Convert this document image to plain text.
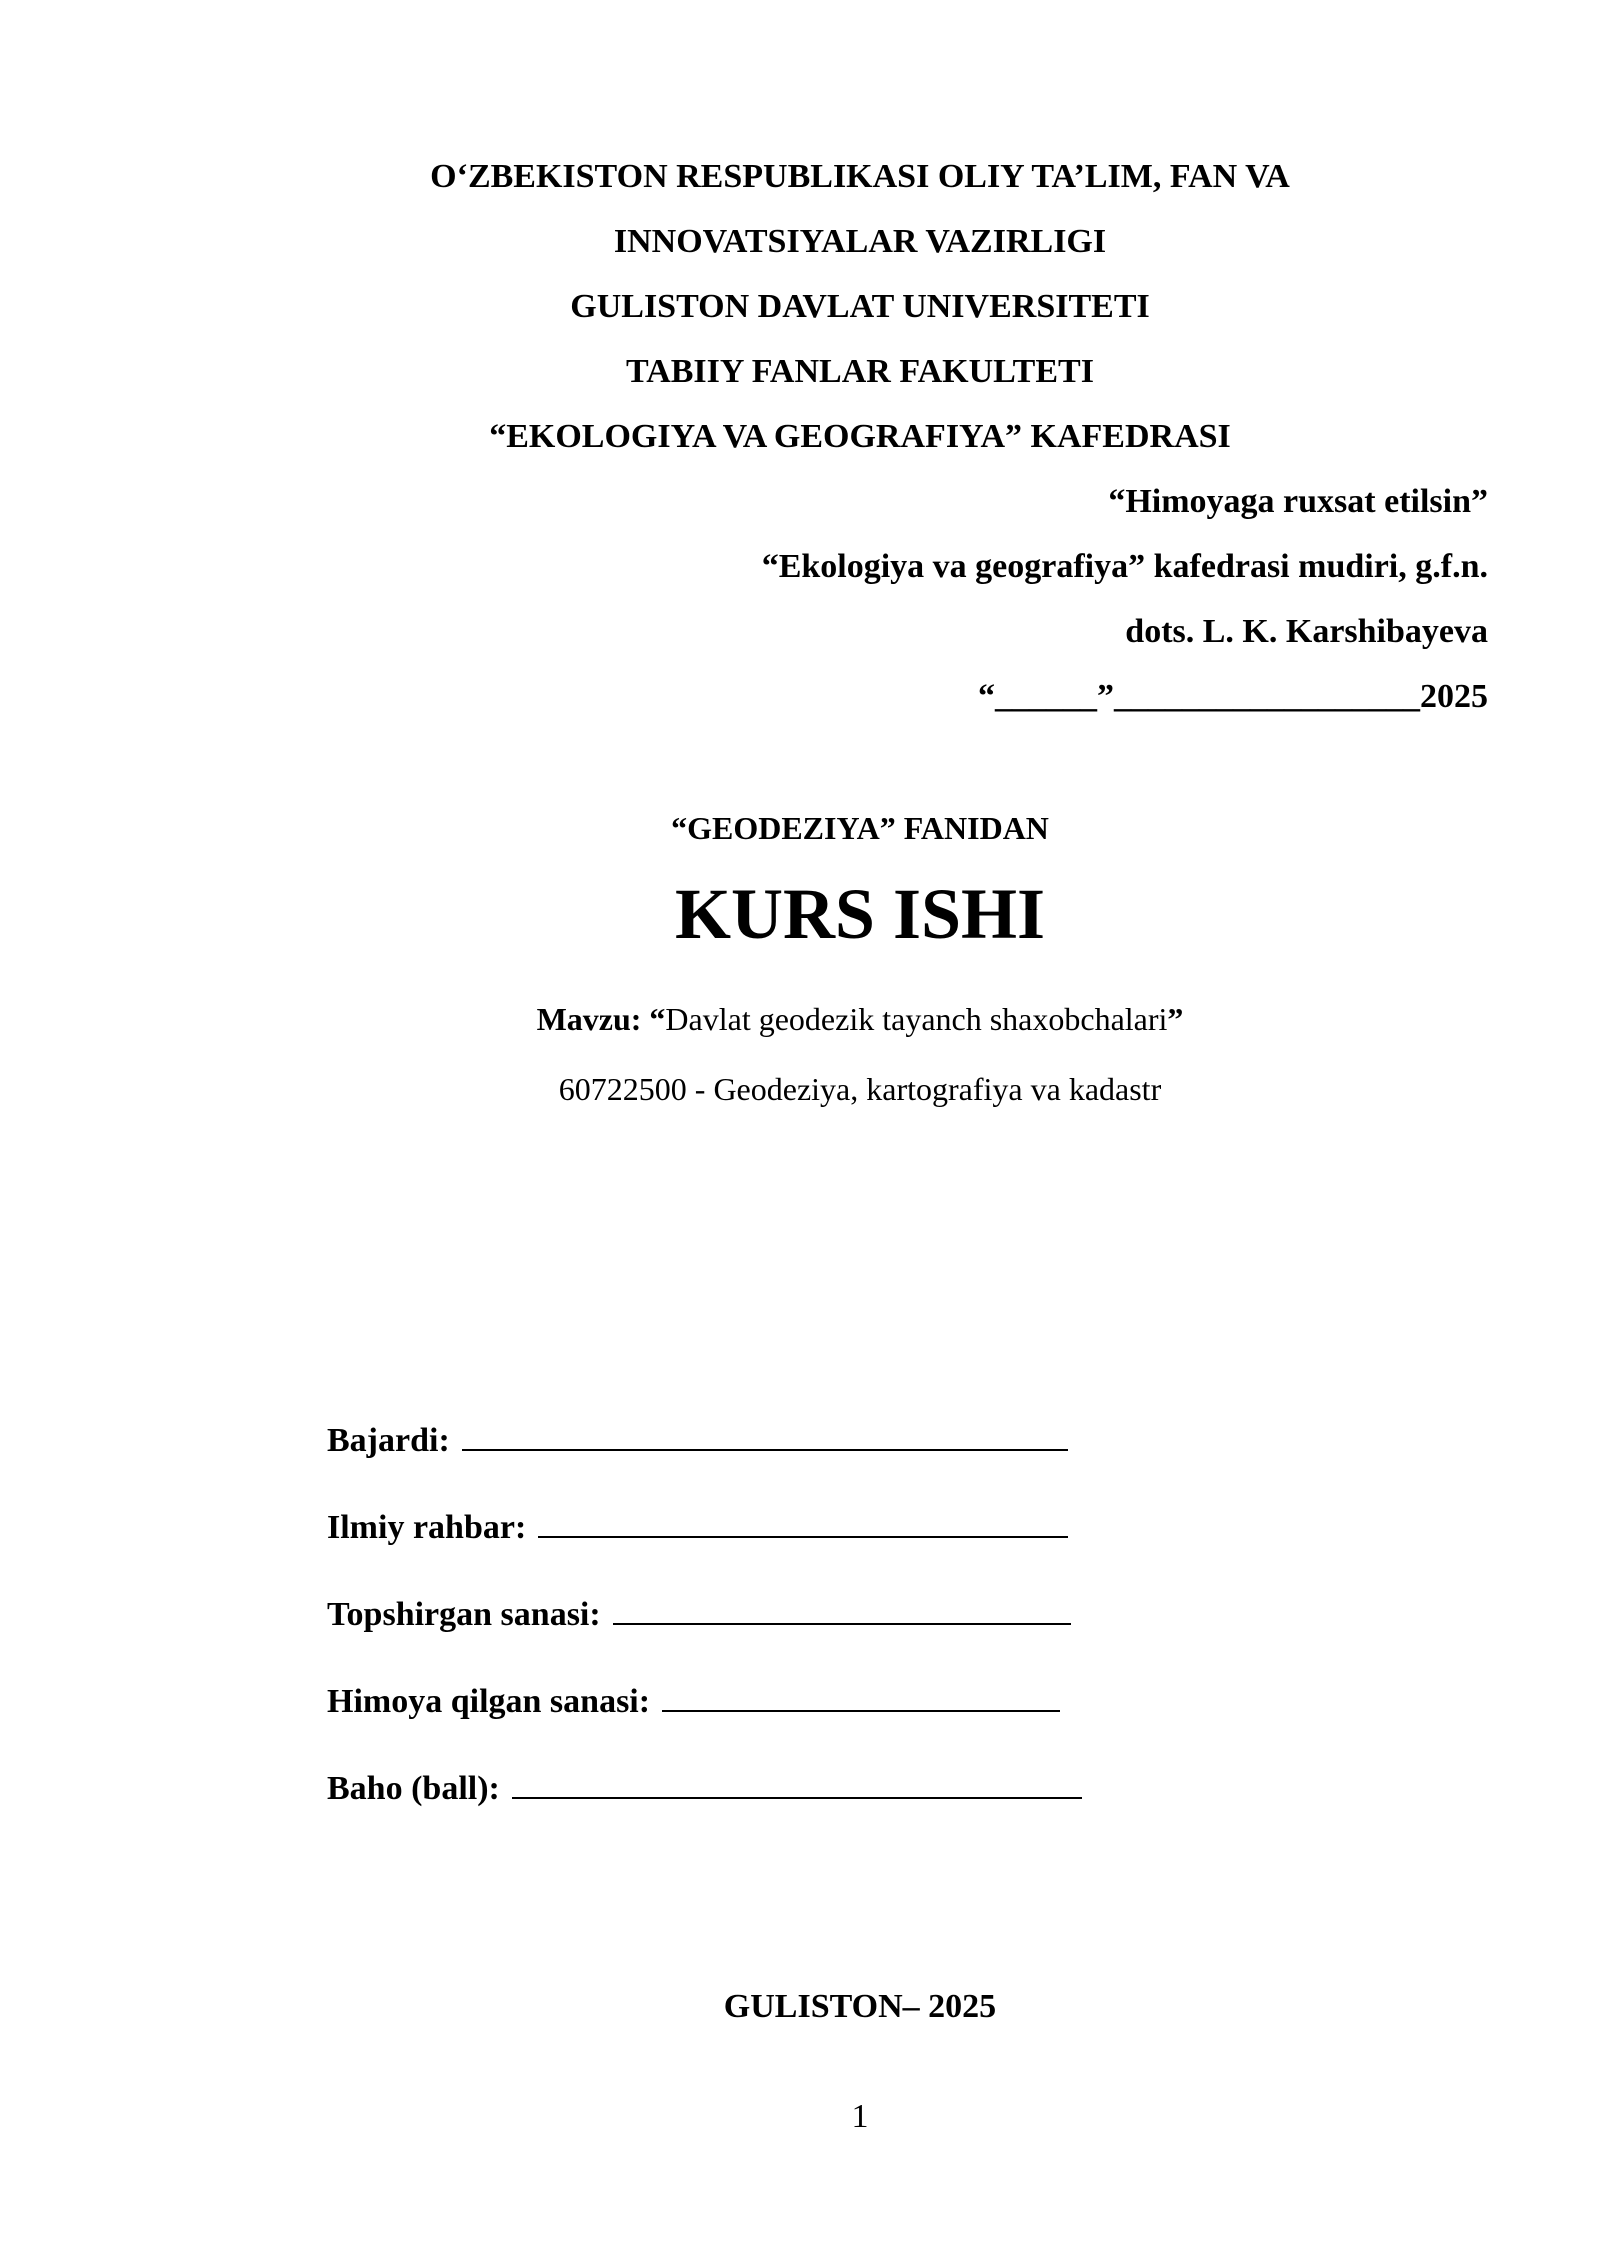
O‘ZBEKISTON RESPUBLIKASI OLIY TA’LIM, FAN VA
INNOVATSIYALAR VAZIRLIGI
GULISTON DAVLAT UNIVERSITETI
TABIIY FANLAR FAKULTETI
“EKOLOGIYA VA GEOGRAFIYA” KAFEDRASI
“Himoyaga ruxsat etilsin”
“Ekologiya va geografiya” kafedrasi mudiri, g.f.n.
dots. L. K. Karshibayeva
“______”__________________2025
“GEODEZIYA” FANIDAN
KURS ISHI
Mavzu: “Davlat geodezik tayanch shaxobchalari”
60722500 - Geodeziya, kartografiya va kadastr
Bajardi:
Ilmiy rahbar:
Topshirgan sanasi:
Himoya qilgan sanasi:
Baho (ball):
GULISTON– 2025
1
